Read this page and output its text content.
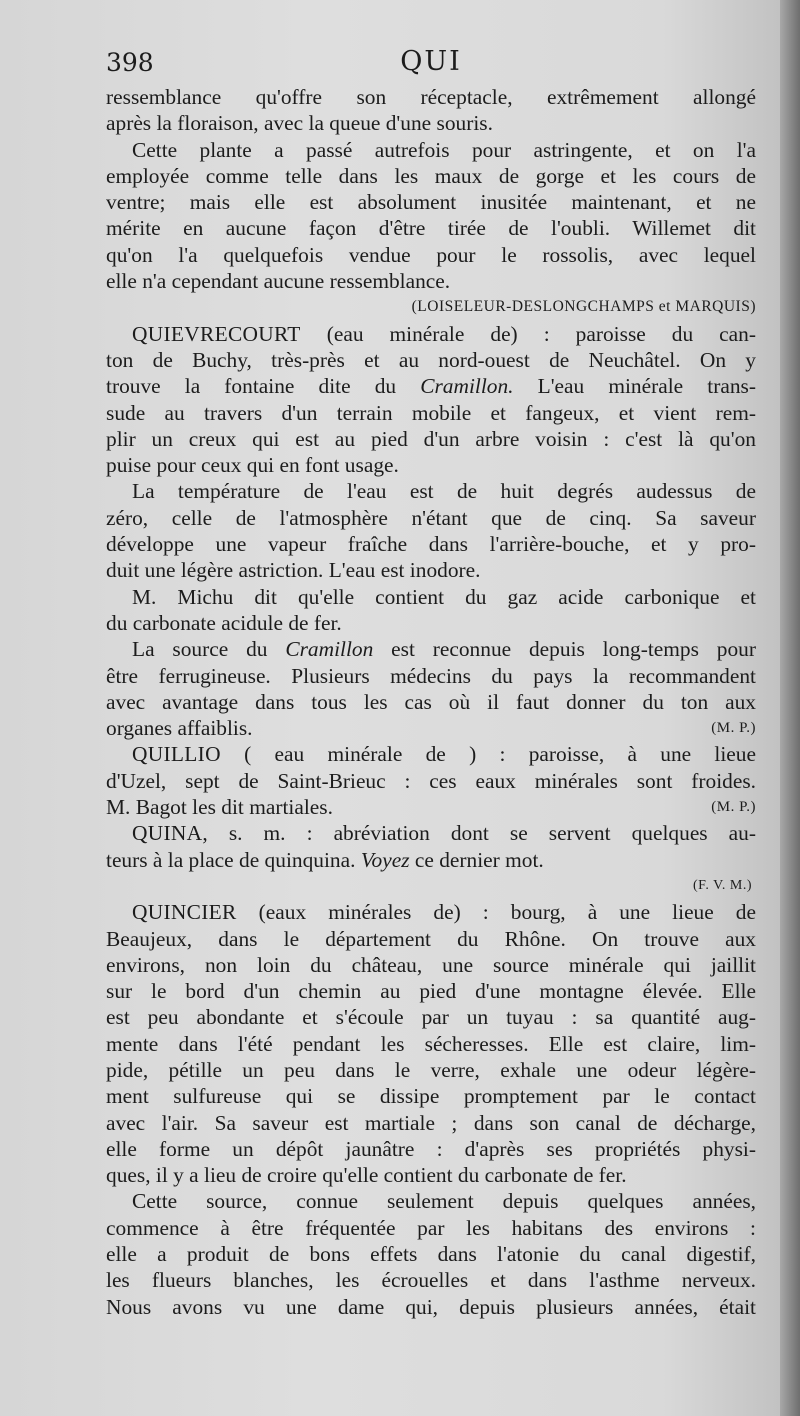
398	QUI
ressemblance qu'offre son réceptacle, extrêmement allongé
après la floraison, avec la queue d'une souris.
Cette plante a passé autrefois pour astringente, et on l'a
employée comme telle dans les maux de gorge et les cours de
ventre; mais elle est absolument inusitée maintenant, et ne
mérite en aucune façon d'être tirée de l'oubli. Willemet dit
qu'on l'a quelquefois vendue pour le rossolis, avec lequel
elle n'a cependant aucune ressemblance.
(LOISELEUR-DESLONGCHAMPS et MARQUIS)
QUIEVRECOURT (eau minérale de) : paroisse du can-
ton de Buchy, très-près et au nord-ouest de Neuchâtel. On y
trouve la fontaine dite du Cramillon. L'eau minérale trans-
sude au travers d'un terrain mobile et fangeux, et vient rem-
plir un creux qui est au pied d'un arbre voisin : c'est là qu'on
puise pour ceux qui en font usage.
La température de l'eau est de huit degrés audessus de
zéro, celle de l'atmosphère n'étant que de cinq. Sa saveur
développe une vapeur fraîche dans l'arrière-bouche, et y pro-
duit une légère astriction. L'eau est inodore.
M. Michu dit qu'elle contient du gaz acide carbonique et
du carbonate acidule de fer.
La source du Cramillon est reconnue depuis long-temps pour
être ferrugineuse. Plusieurs médecins du pays la recommandent
avec avantage dans tous les cas où il faut donner du ton aux
organes affaiblis.	(M. P.)
QUILLIO ( eau minérale de ) : paroisse, à une lieue
d'Uzel, sept de Saint-Brieuc : ces eaux minérales sont froides.
M. Bagot les dit martiales.	(M. P.)
QUINA, s. m. : abréviation dont se servent quelques au-
teurs à la place de quinquina. Voyez ce dernier mot.
(F. V. M.)
QUINCIER (eaux minérales de) : bourg, à une lieue de
Beaujeux, dans le département du Rhône. On trouve aux
environs, non loin du château, une source minérale qui jaillit
sur le bord d'un chemin au pied d'une montagne élevée. Elle
est peu abondante et s'écoule par un tuyau : sa quantité aug-
mente dans l'été pendant les sécheresses. Elle est claire, lim-
pide, pétille un peu dans le verre, exhale une odeur légère-
ment sulfureuse qui se dissipe promptement par le contact
avec l'air. Sa saveur est martiale ; dans son canal de décharge,
elle forme un dépôt jaunâtre : d'après ses propriétés physi-
ques, il y a lieu de croire qu'elle contient du carbonate de fer.
Cette source, connue seulement depuis quelques années,
commence à être fréquentée par les habitans des environs :
elle a produit de bons effets dans l'atonie du canal digestif,
les flueurs blanches, les écrouelles et dans l'asthme nerveux.
Nous avons vu une dame qui, depuis plusieurs années, était
